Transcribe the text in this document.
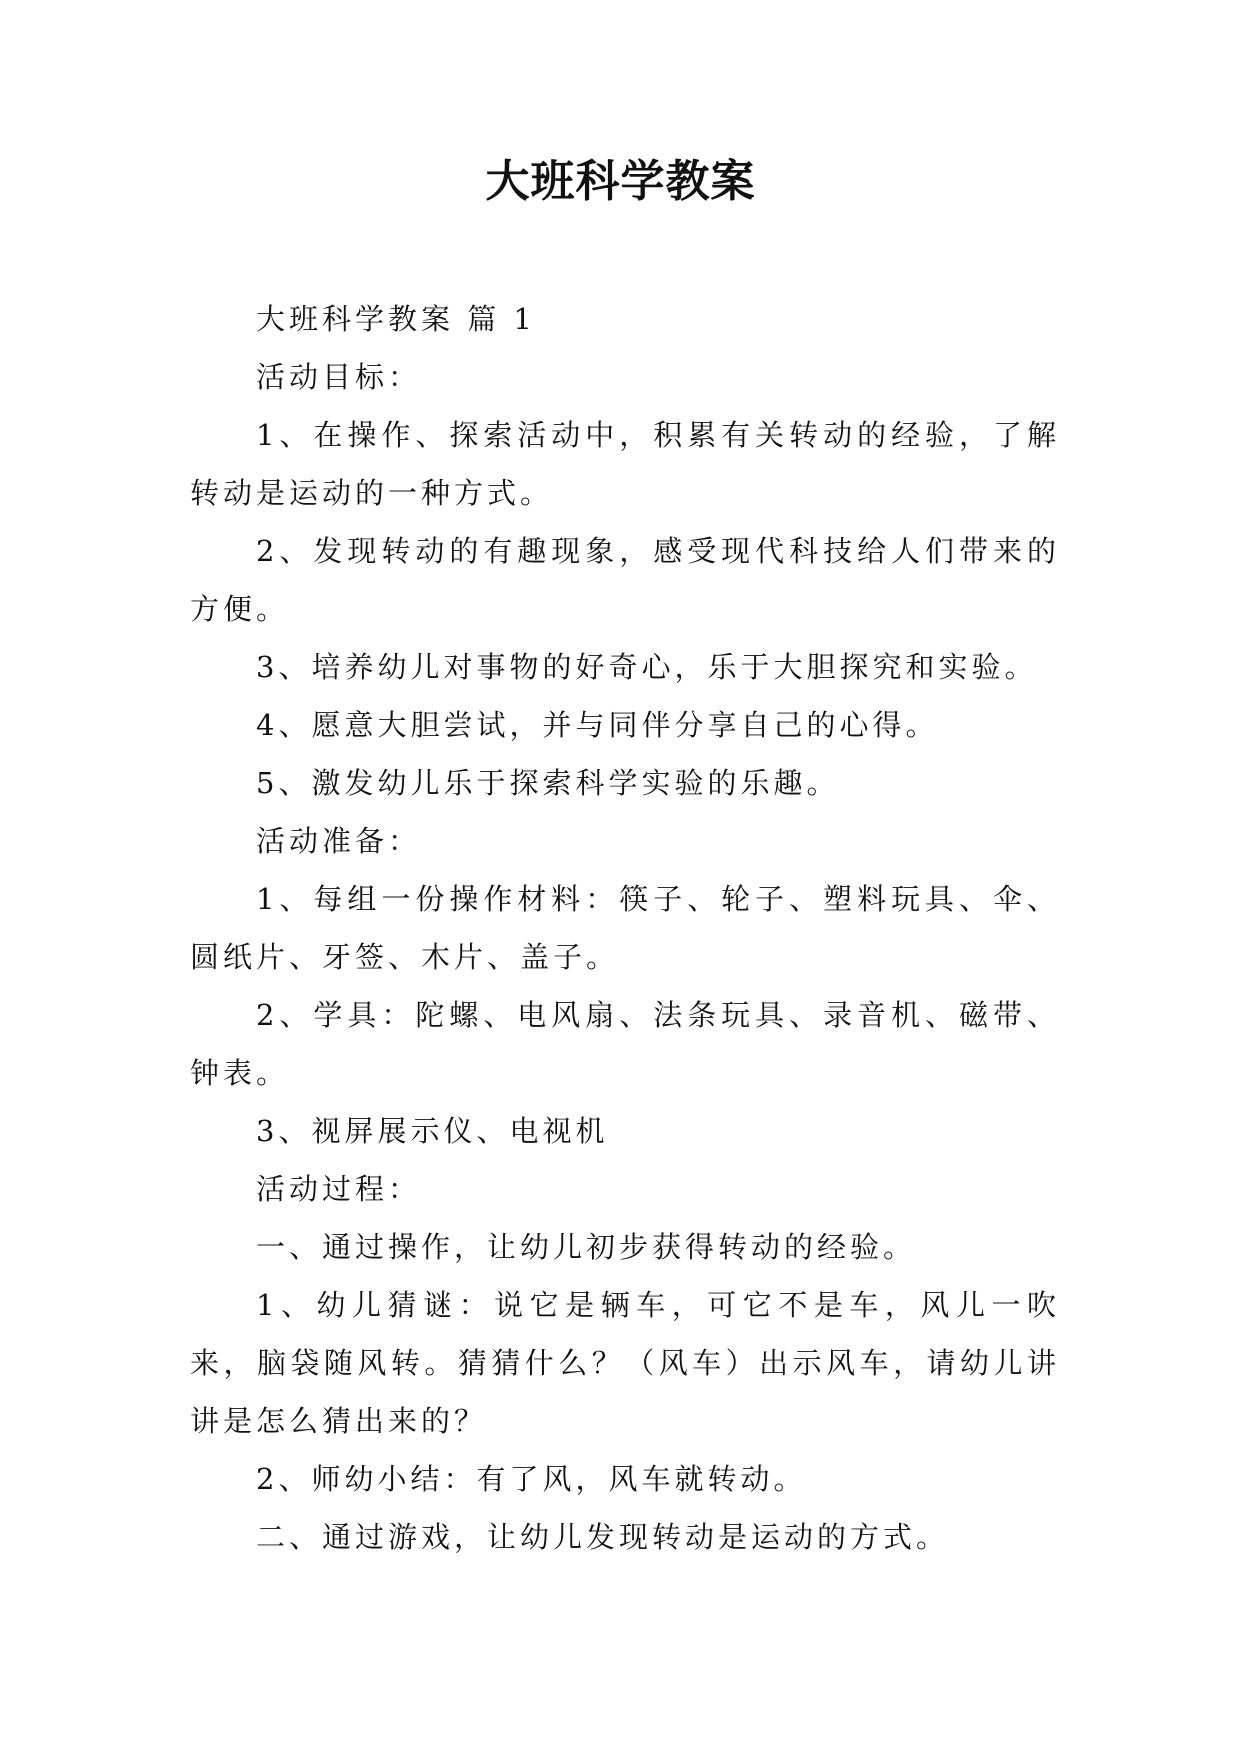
大班科学教案

大班科学教案 篇 1

活动目标：

1、在操作、探索活动中，积累有关转动的经验，了解转动是运动的一种方式。

2、发现转动的有趣现象，感受现代科技给人们带来的方便。

3、培养幼儿对事物的好奇心，乐于大胆探究和实验。

4、愿意大胆尝试，并与同伴分享自己的心得。

5、激发幼儿乐于探索科学实验的乐趣。

活动准备：

1、每组一份操作材料：筷子、轮子、塑料玩具、伞、圆纸片、牙签、木片、盖子。

2、学具：陀螺、电风扇、法条玩具、录音机、磁带、钟表。

3、视屏展示仪、电视机

活动过程：

一、通过操作，让幼儿初步获得转动的经验。

1、幼儿猜谜：说它是辆车，可它不是车，风儿一吹来，脑袋随风转。猜猜什么？（风车）出示风车，请幼儿讲讲是怎么猜出来的？

2、师幼小结：有了风，风车就转动。

二、通过游戏，让幼儿发现转动是运动的方式。
